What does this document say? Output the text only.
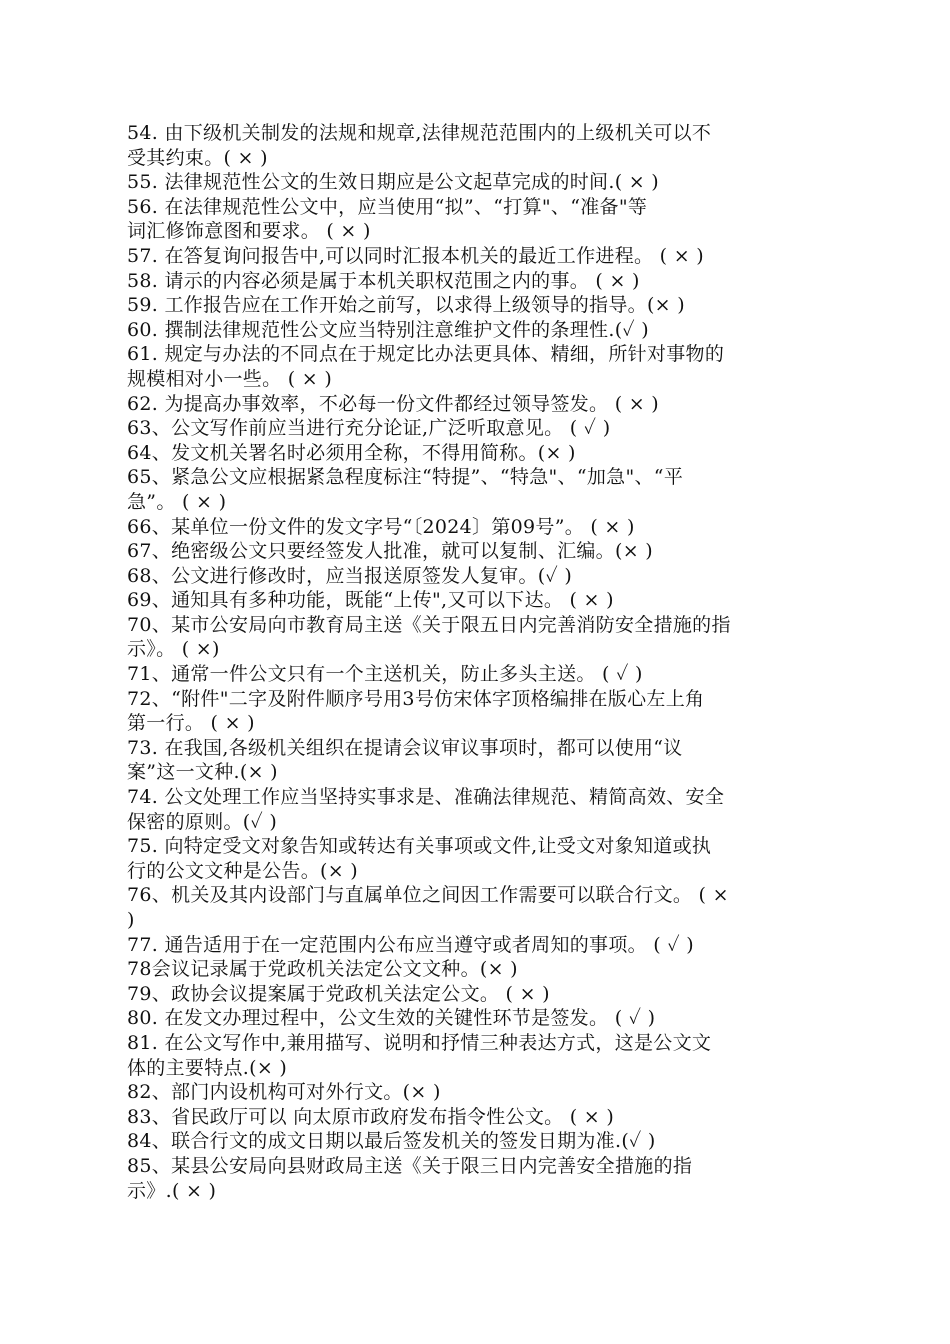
54. 由下级机关制发的法规和规章,法律规范范围内的上级机关可以不
受其约束。( × )
55. 法律规范性公文的生效日期应是公文起草完成的时间.( × )
56. 在法律规范性公文中，应当使用“拟”、“打算"、“准备"等
词汇修饰意图和要求。 ( × )
57. 在答复询问报告中,可以同时汇报本机关的最近工作进程。 ( × )
58. 请示的内容必须是属于本机关职权范围之内的事。 ( × )
59. 工作报告应在工作开始之前写，以求得上级领导的指导。(× )
60. 撰制法律规范性公文应当特别注意维护文件的条理性.(✓ )
61. 规定与办法的不同点在于规定比办法更具体、精细，所针对事物的
规模相对小一些。 ( × )
62. 为提高办事效率，不必每一份文件都经过领导签发。 ( × )
63、公文写作前应当进行充分论证,广泛听取意见。 ( ✓ )
64、发文机关署名时必须用全称，不得用简称。(× )
65、紧急公文应根据紧急程度标注“特提”、“特急"、“加急"、“平
急”。 ( × )
66、某单位一份文件的发文字号“〔2024〕第09号”。 ( × )
67、绝密级公文只要经签发人批准，就可以复制、汇编。(× )
68、公文进行修改时，应当报送原签发人复审。(✓ )
69、通知具有多种功能，既能“上传",又可以下达。 ( × )
70、某市公安局向市教育局主送《关于限五日内完善消防安全措施的指
示》。 ( ×)
71、通常一件公文只有一个主送机关，防止多头主送。 ( ✓ )
72、“附件"二字及附件顺序号用3号仿宋体字顶格编排在版心左上角
第一行。 ( × )
73. 在我国,各级机关组织在提请会议审议事项时，都可以使用“议
案”这一文种.(× )
74. 公文处理工作应当坚持实事求是、准确法律规范、精简高效、安全
保密的原则。(✓ )
75. 向特定受文对象告知或转达有关事项或文件,让受文对象知道或执
行的公文文种是公告。(× )
76、机关及其内设部门与直属单位之间因工作需要可以联合行文。 ( ×
)
77. 通告适用于在一定范围内公布应当遵守或者周知的事项。 ( ✓ )
78会议记录属于党政机关法定公文文种。(× )
79、政协会议提案属于党政机关法定公文。 ( × )
80. 在发文办理过程中，公文生效的关键性环节是签发。 ( ✓ )
81. 在公文写作中,兼用描写、说明和抒情三种表达方式，这是公文文
体的主要特点.(× )
82、部门内设机构可对外行文。(× )
83、省民政厅可以 向太原市政府发布指令性公文。 ( × )
84、联合行文的成文日期以最后签发机关的签发日期为准.(✓ )
85、某县公安局向县财政局主送《关于限三日内完善安全措施的指
示》.( × )
